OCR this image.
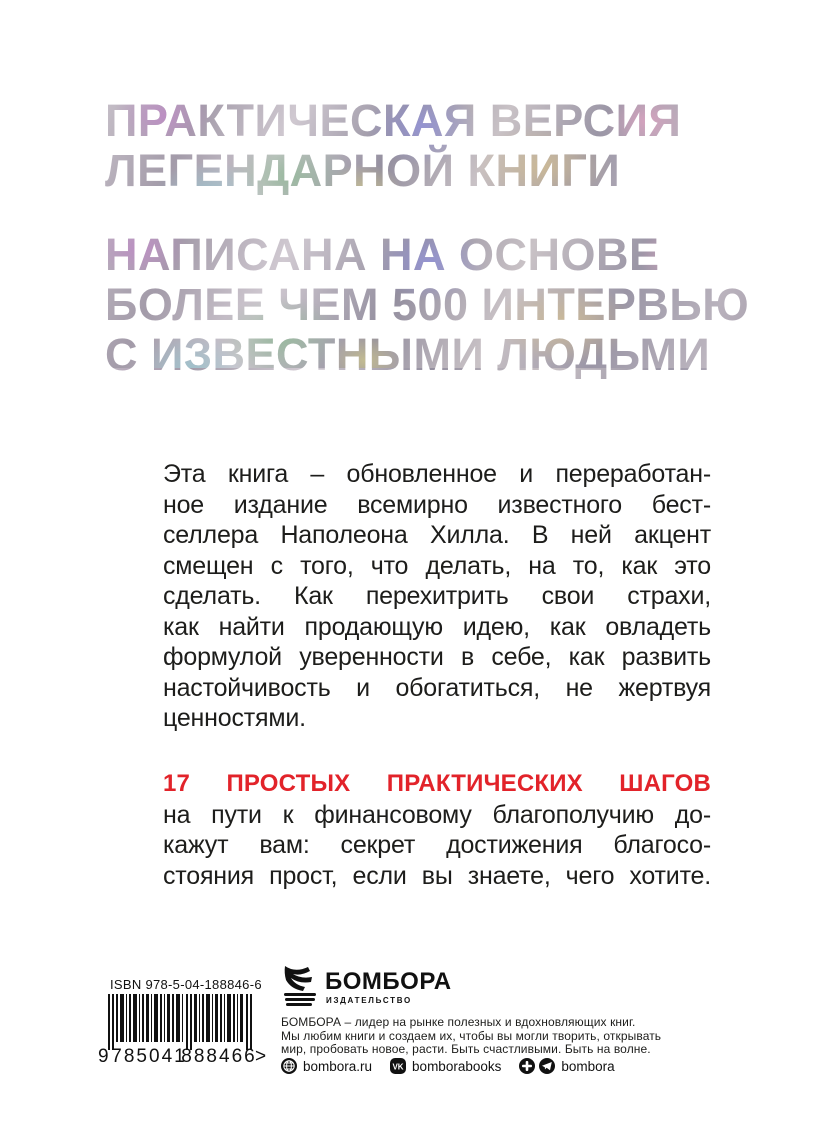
ПРАКТИЧЕСКАЯ ВЕРСИЯ
ЛЕГЕНДАРНОЙ КНИГИ
НАПИСАНА НА ОСНОВЕ
БОЛЕЕ ЧЕМ 500 ИНТЕРВЬЮ
С ИЗВЕСТНЫМИ ЛЮДЬМИ
Эта книга – обновленное и переработан-
ное издание всемирно известного бест-
селлера Наполеона Хилла. В ней акцент
смещен с того, что делать, на то, как это
сделать. Как перехитрить свои страхи,
как найти продающую идею, как овладеть
формулой уверенности в себе, как развить
настойчивость и обогатиться, не жертвуя
ценностями.
17 ПРОСТЫХ ПРАКТИЧЕСКИХ ШАГОВ
на пути к финансовому благополучию до-
кажут вам: секрет достижения благосо-
стояния прост, если вы знаете, чего хотите.
ISBN 978-5-04-188846-6
9 785041
888466
>
БОМБОРА
ИЗДАТЕЛЬСТВО
БОМБОРА – лидер на рынке полезных и вдохновляющих книг.
Мы любим книги и создаем их, чтобы вы могли творить, открывать
мир, пробовать новое, расти. Быть счастливыми. Быть на волне.
bombora.ru	VK bomborabooks	bombora
